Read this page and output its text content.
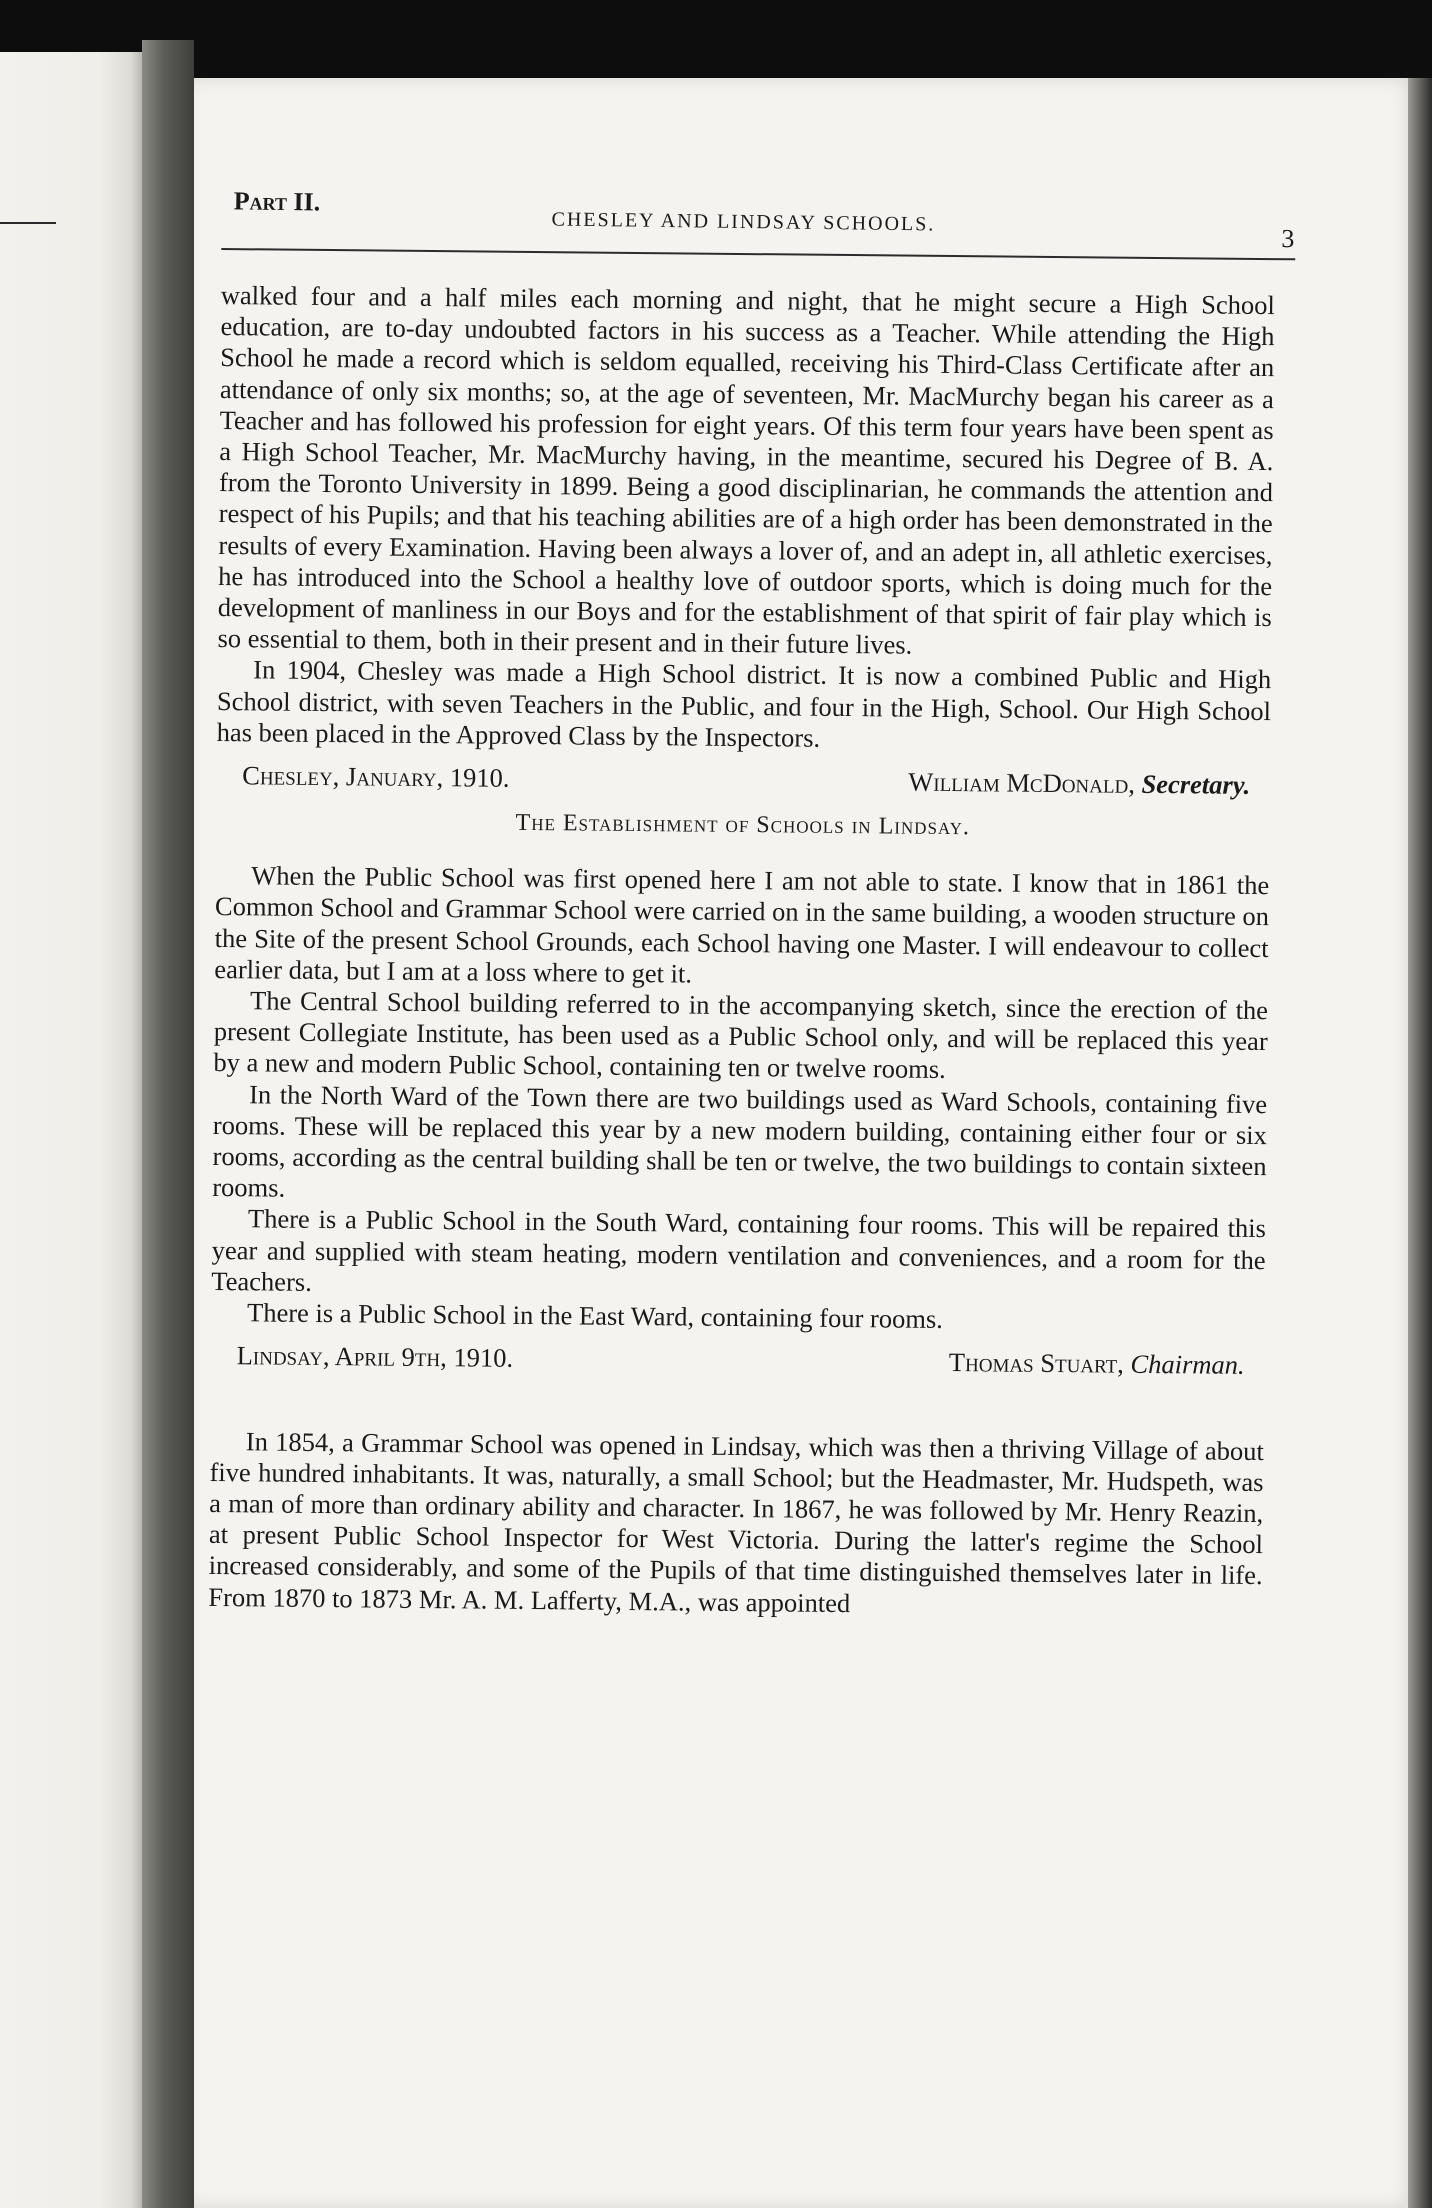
Part II.
CHESLEY AND LINDSAY SCHOOLS.
3

walked four and a half miles each morning and night, that he might secure a High School education, are to-day undoubted factors in his success as a Teacher. While attending the High School he made a record which is seldom equalled, receiving his Third-Class Certificate after an attendance of only six months; so, at the age of seventeen, Mr. MacMurchy began his career as a Teacher and has followed his profession for eight years. Of this term four years have been spent as a High School Teacher, Mr. MacMurchy having, in the meantime, secured his Degree of B. A. from the Toronto University in 1899. Being a good disciplinarian, he commands the attention and respect of his Pupils; and that his teaching abilities are of a high order has been demonstrated in the results of every Examination. Having been always a lover of, and an adept in, all athletic exercises, he has introduced into the School a healthy love of outdoor sports, which is doing much for the development of manliness in our Boys and for the establishment of that spirit of fair play which is so essential to them, both in their present and in their future lives.

In 1904, Chesley was made a High School district. It is now a combined Public and High School district, with seven Teachers in the Public, and four in the High, School. Our High School has been placed in the Approved Class by the Inspectors.

Chesley, January, 1910.	William McDonald, Secretary.
The Establishment of Schools in Lindsay.

When the Public School was first opened here I am not able to state. I know that in 1861 the Common School and Grammar School were carried on in the same building, a wooden structure on the Site of the present School Grounds, each School having one Master. I will endeavour to collect earlier data, but I am at a loss where to get it.

The Central School building referred to in the accompanying sketch, since the erection of the present Collegiate Institute, has been used as a Public School only, and will be replaced this year by a new and modern Public School, containing ten or twelve rooms.

In the North Ward of the Town there are two buildings used as Ward Schools, containing five rooms. These will be replaced this year by a new modern building, containing either four or six rooms, according as the central building shall be ten or twelve, the two buildings to contain sixteen rooms.

There is a Public School in the South Ward, containing four rooms. This will be repaired this year and supplied with steam heating, modern ventilation and conveniences, and a room for the Teachers.

There is a Public School in the East Ward, containing four rooms.

Lindsay, April 9th, 1910.	Thomas Stuart, Chairman.

In 1854, a Grammar School was opened in Lindsay, which was then a thriving Village of about five hundred inhabitants. It was, naturally, a small School; but the Headmaster, Mr. Hudspeth, was a man of more than ordinary ability and character. In 1867, he was followed by Mr. Henry Reazin, at present Public School Inspector for West Victoria. During the latter's regime the School increased considerably, and some of the Pupils of that time distinguished themselves later in life. From 1870 to 1873 Mr. A. M. Lafferty, M.A., was appointed
